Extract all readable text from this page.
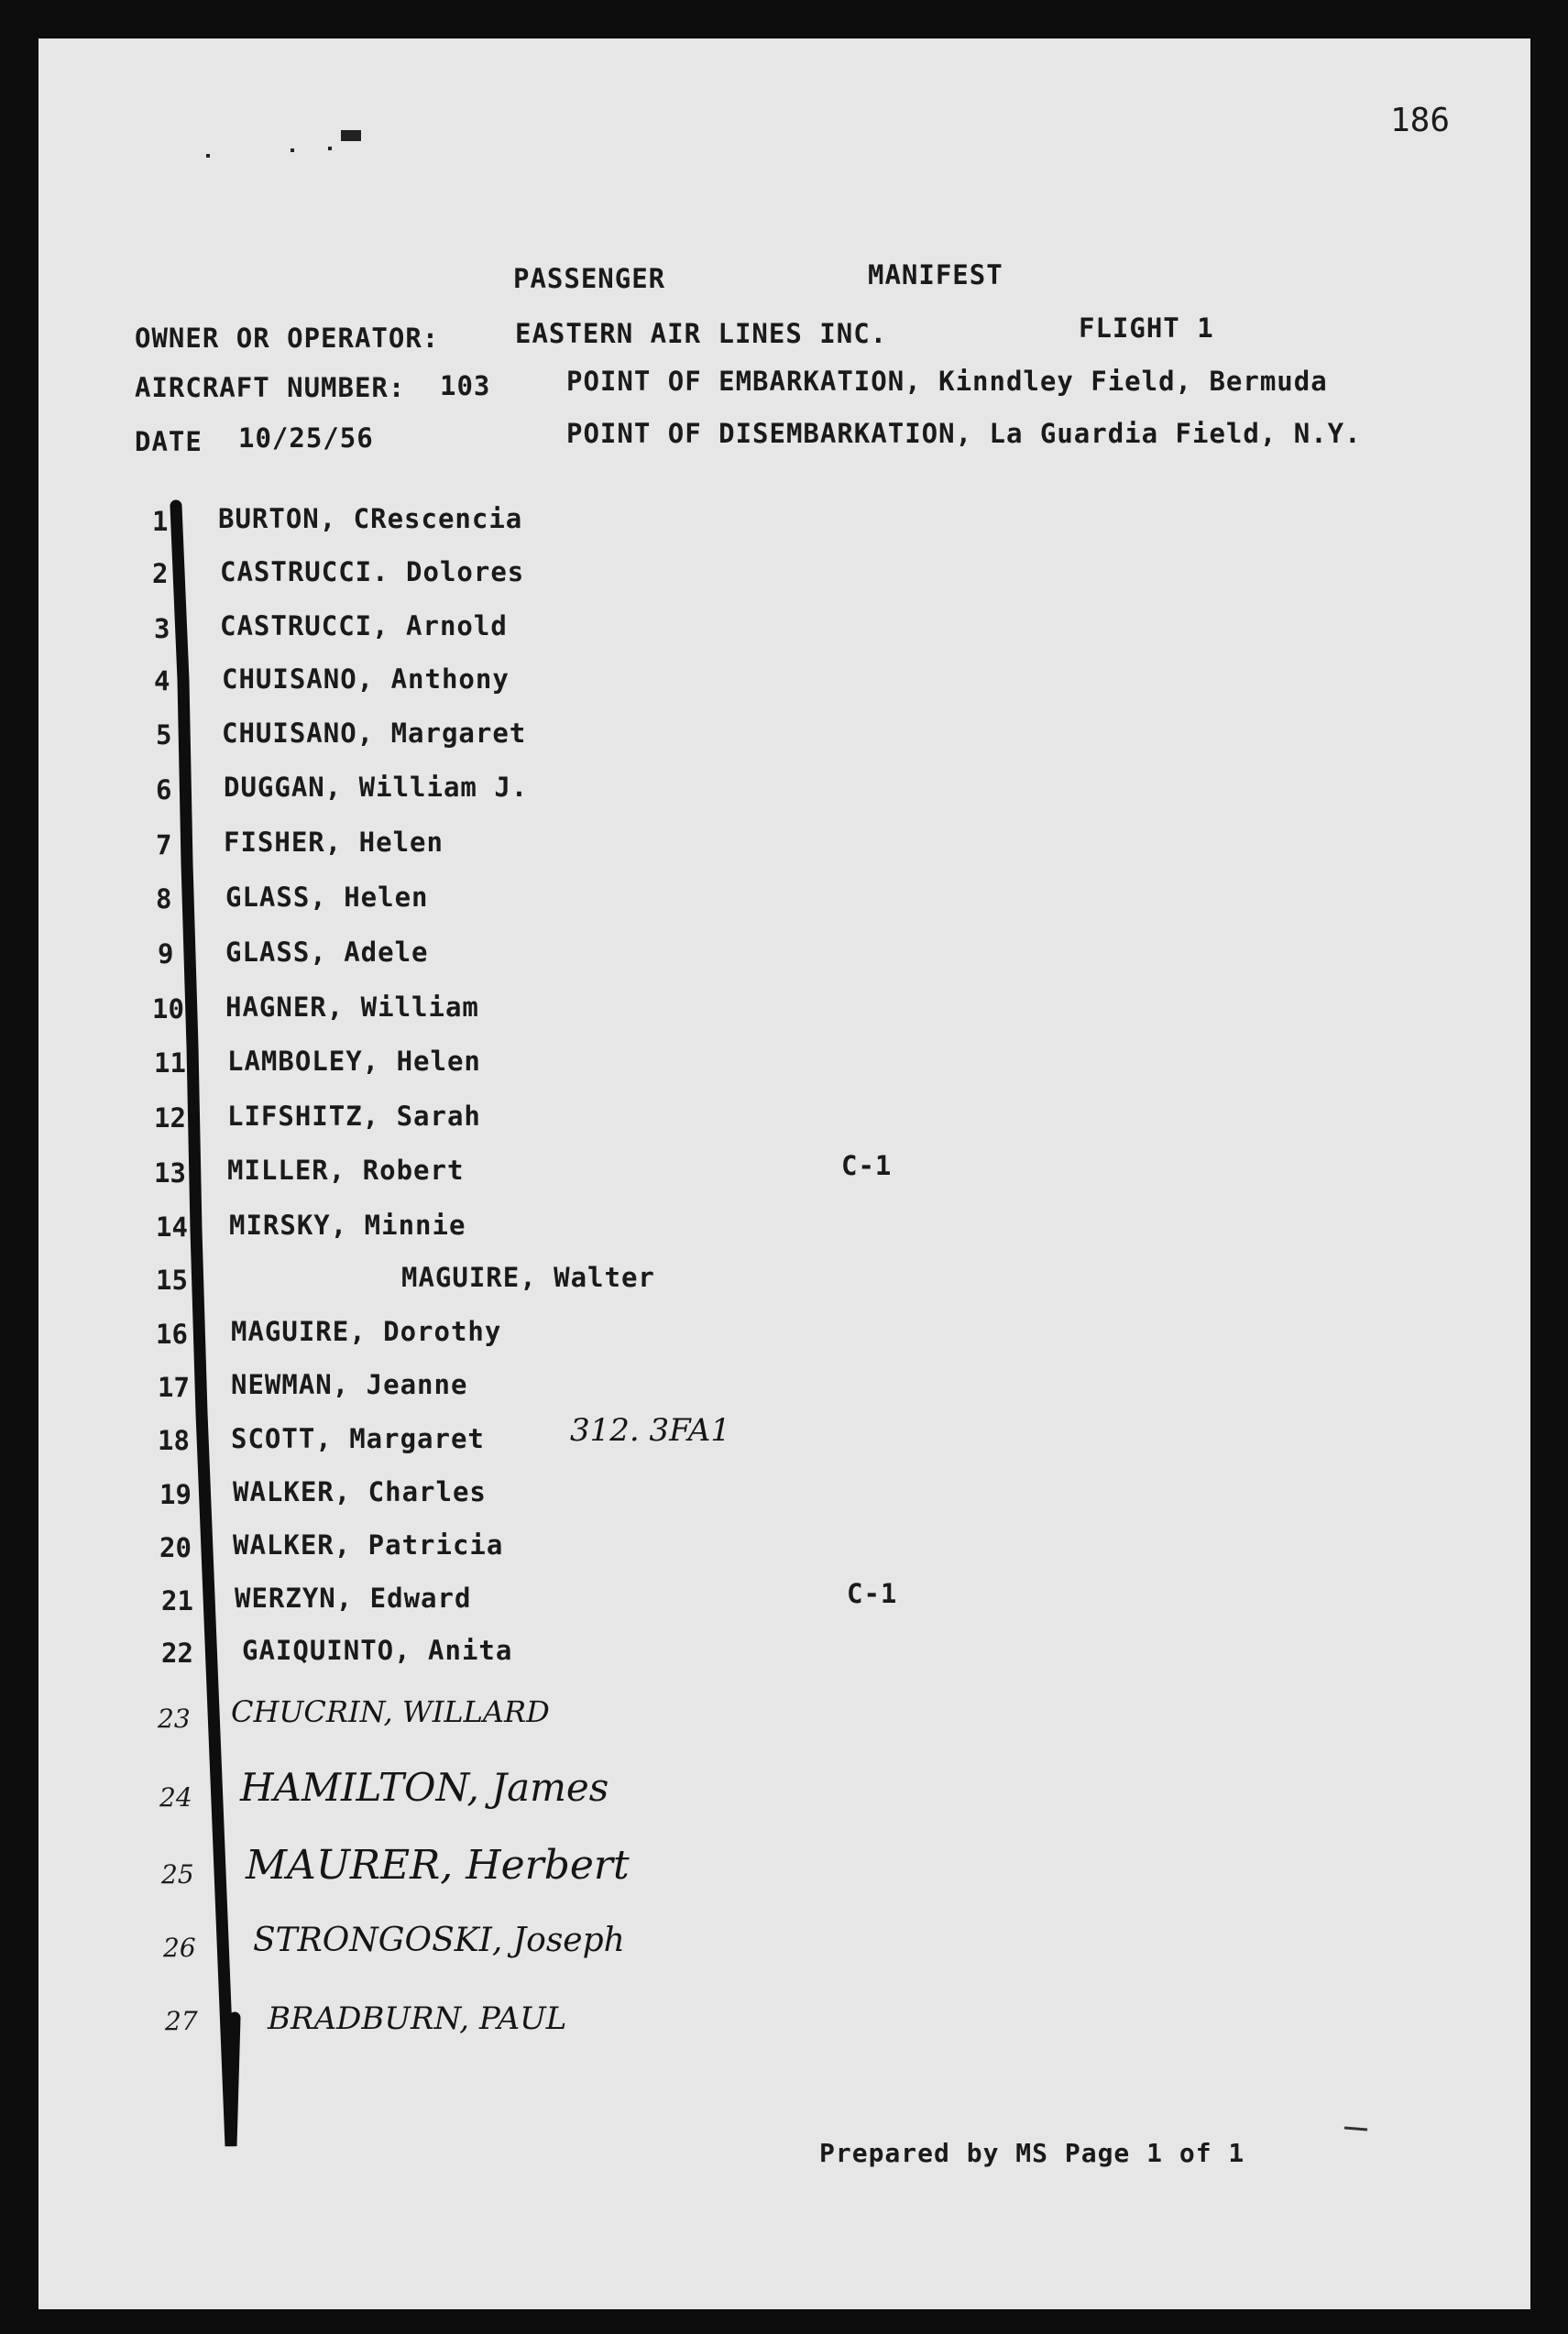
186
PASSENGER	MANIFEST
OWNER OR OPERATOR:	EASTERN AIR LINES INC.	FLIGHT 1
AIRCRAFT NUMBER: 103	POINT OF EMBARKATION, Kinndley Field, Bermuda
DATE 10/25/56	POINT OF DISEMBARKATION, La Guardia Field, N.Y.
1 BURTON, CRescencia
2 CASTRUCCI. Dolores
3 CASTRUCCI, Arnold
4 CHUISANO, Anthony
5 CHUISANO, Margaret
6 DUGGAN, William J.
7 FISHER, Helen
8 GLASS, Helen
9 GLASS, Adele
10 HAGNER, William
11 LAMBOLEY, Helen
12 LIFSHITZ, Sarah
13 MILLER, Robert	C-1
14 MIRSKY, Minnie
15	MAGUIRE, Walter
16 MAGUIRE, Dorothy
17 NEWMAN, Jeanne
18 SCOTT, Margaret	312. 3FA1
19 WALKER, Charles
20 WALKER, Patricia
21 WERZYN, Edward	C-1
22 GAIQUINTO, Anita
23 CHUCRIN, WILLARD
24 HAMILTON, James
25 MAURER, Herbert
26 STRONGOSKI, Joseph
27 BRADBURN, PAUL
Prepared by MS Page 1 of 1
